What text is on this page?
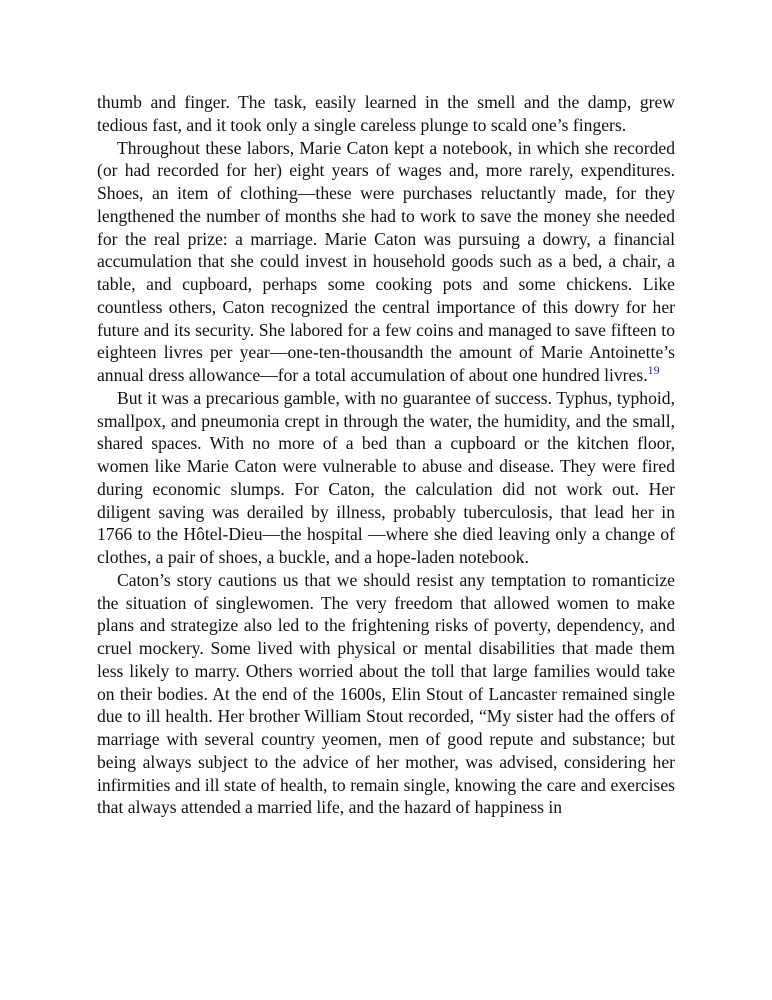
thumb and finger. The task, easily learned in the smell and the damp, grew tedious fast, and it took only a single careless plunge to scald one’s fingers.

Throughout these labors, Marie Caton kept a notebook, in which she recorded (or had recorded for her) eight years of wages and, more rarely, expenditures. Shoes, an item of clothing—these were purchases reluctantly made, for they lengthened the number of months she had to work to save the money she needed for the real prize: a marriage. Marie Caton was pursuing a dowry, a financial accumulation that she could invest in household goods such as a bed, a chair, a table, and cupboard, perhaps some cooking pots and some chickens. Like countless others, Caton recognized the central importance of this dowry for her future and its security. She labored for a few coins and managed to save fifteen to eighteen livres per year—one-ten-thousandth the amount of Marie Antoinette’s annual dress allowance—for a total accumulation of about one hundred livres.$^{19}$

But it was a precarious gamble, with no guarantee of success. Typhus, typhoid, smallpox, and pneumonia crept in through the water, the humidity, and the small, shared spaces. With no more of a bed than a cupboard or the kitchen floor, women like Marie Caton were vulnerable to abuse and disease. They were fired during economic slumps. For Caton, the calculation did not work out. Her diligent saving was derailed by illness, probably tuberculosis, that lead her in 1766 to the Hôtel-Dieu—the hospital —where she died leaving only a change of clothes, a pair of shoes, a buckle, and a hope-laden notebook.

Caton’s story cautions us that we should resist any temptation to romanticize the situation of singlewomen. The very freedom that allowed women to make plans and strategize also led to the frightening risks of poverty, dependency, and cruel mockery. Some lived with physical or mental disabilities that made them less likely to marry. Others worried about the toll that large families would take on their bodies. At the end of the 1600s, Elin Stout of Lancaster remained single due to ill health. Her brother William Stout recorded, “My sister had the offers of marriage with several country yeomen, men of good repute and substance; but being always subject to the advice of her mother, was advised, considering her infirmities and ill state of health, to remain single, knowing the care and exercises that always attended a married life, and the hazard of happiness in
